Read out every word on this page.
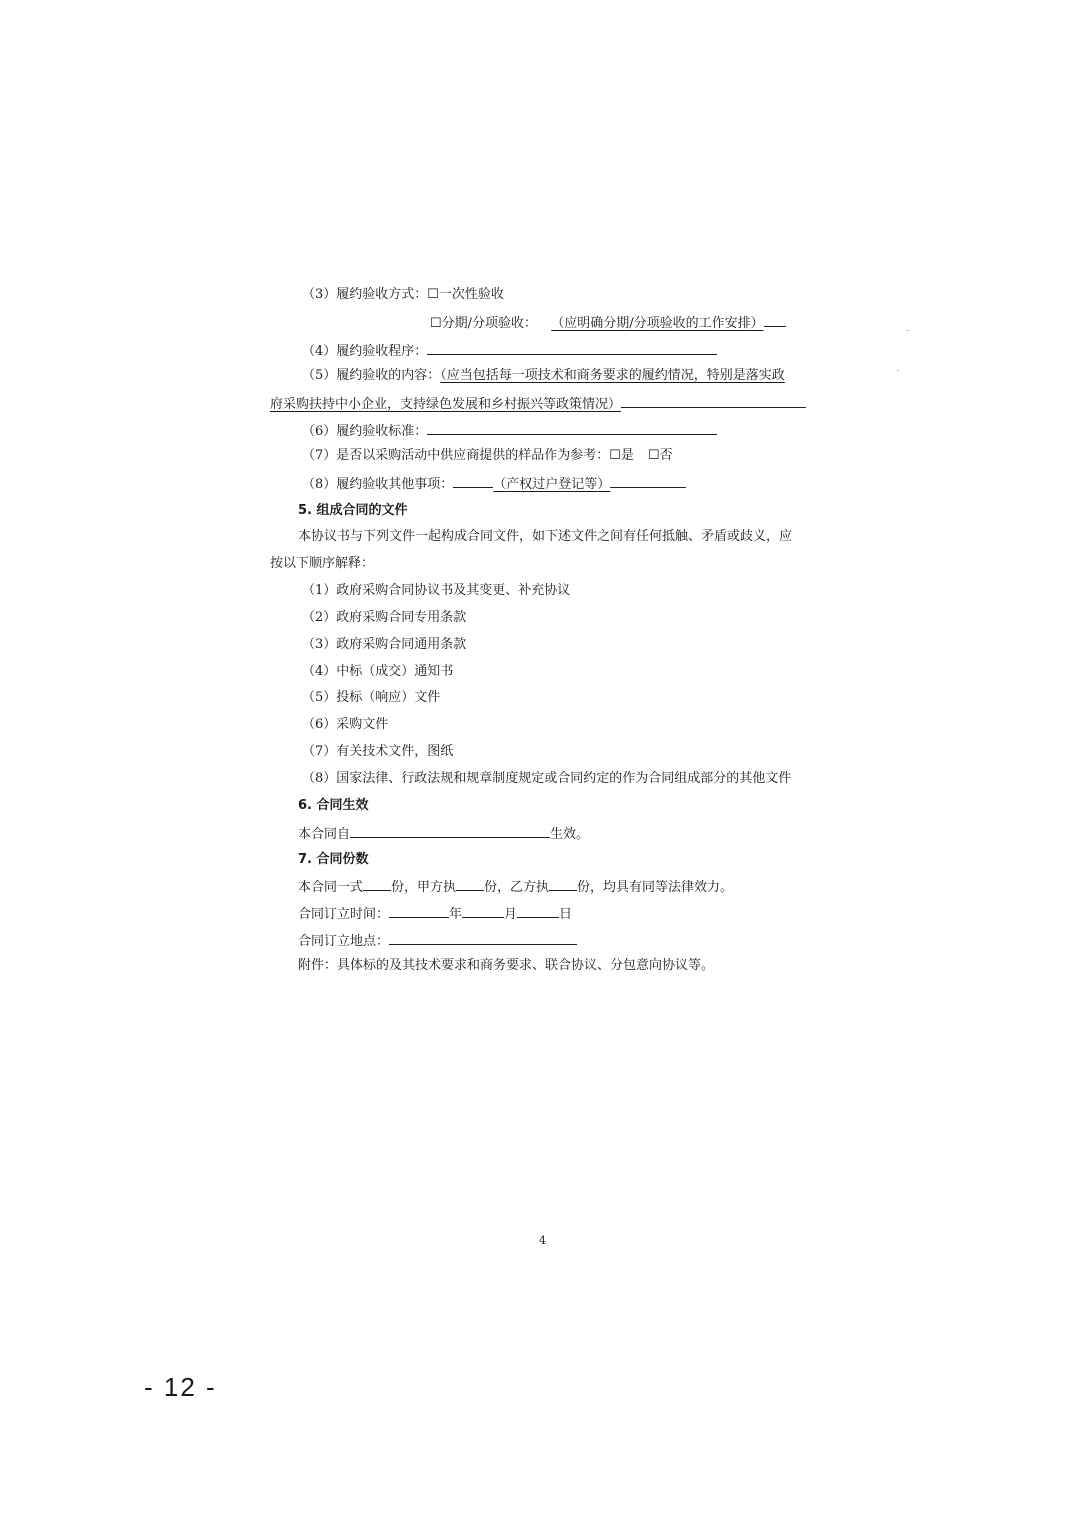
（3）履约验收方式：☐一次性验收
☐分期/分项验收： （应明确分期/分项验收的工作安排）
（4）履约验收程序：
（5）履约验收的内容：（应当包括每一项技术和商务要求的履约情况，特别是落实政
府采购扶持中小企业，支持绿色发展和乡村振兴等政策情况）
（6）履约验收标准：
（7）是否以采购活动中供应商提供的样品作为参考：☐是 ☐否
（8）履约验收其他事项：	（产权过户登记等）
5. 组成合同的文件
本协议书与下列文件一起构成合同文件，如下述文件之间有任何抵触、矛盾或歧义，应
按以下顺序解释：
（1）政府采购合同协议书及其变更、补充协议
（2）政府采购合同专用条款
（3）政府采购合同通用条款
（4）中标（成交）通知书
（5）投标（响应）文件
（6）采购文件
（7）有关技术文件，图纸
（8）国家法律、行政法规和规章制度规定或合同约定的作为合同组成部分的其他文件
6. 合同生效
本合同自	生效。
7. 合同份数
本合同一式 份，甲方执 份，乙方执 份，均具有同等法律效力。
合同订立时间：	年	月	日
合同订立地点：
附件：具体标的及其技术要求和商务要求、联合协议、分包意向协议等。
4
- 12 -
